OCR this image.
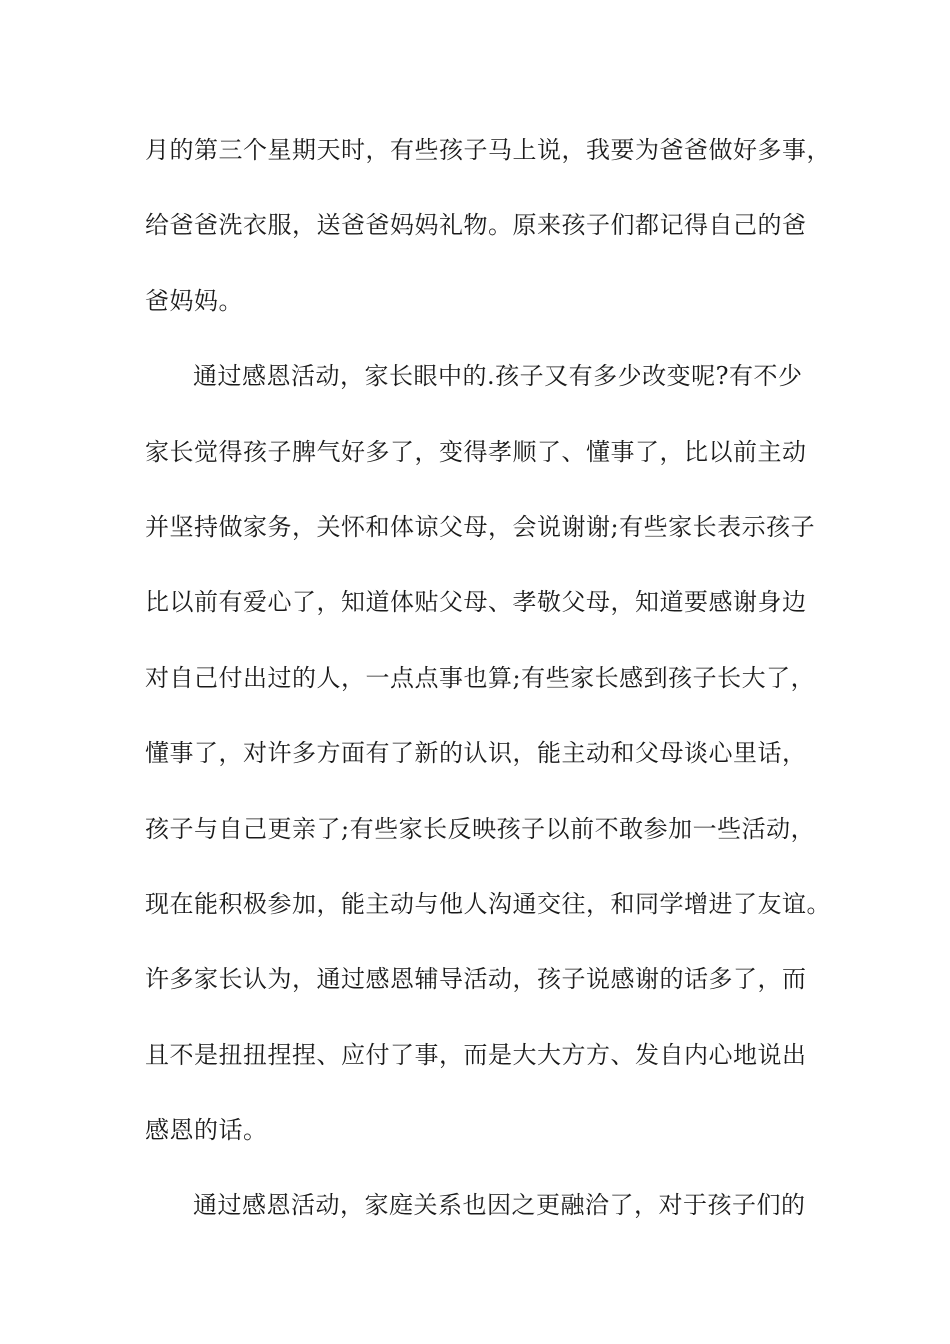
月的第三个星期天时，有些孩子马上说，我要为爸爸做好多事，
给爸爸洗衣服，送爸爸妈妈礼物。原来孩子们都记得自己的爸
爸妈妈。
通过感恩活动，家长眼中的.孩子又有多少改变呢?有不少
家长觉得孩子脾气好多了，变得孝顺了、懂事了，比以前主动
并坚持做家务，关怀和体谅父母，会说谢谢;有些家长表示孩子
比以前有爱心了，知道体贴父母、孝敬父母，知道要感谢身边
对自己付出过的人，一点点事也算;有些家长感到孩子长大了，
懂事了，对许多方面有了新的认识，能主动和父母谈心里话，
孩子与自己更亲了;有些家长反映孩子以前不敢参加一些活动，
现在能积极参加，能主动与他人沟通交往，和同学增进了友谊。
许多家长认为，通过感恩辅导活动，孩子说感谢的话多了，而
且不是扭扭捏捏、应付了事，而是大大方方、发自内心地说出
感恩的话。
通过感恩活动，家庭关系也因之更融洽了，对于孩子们的
